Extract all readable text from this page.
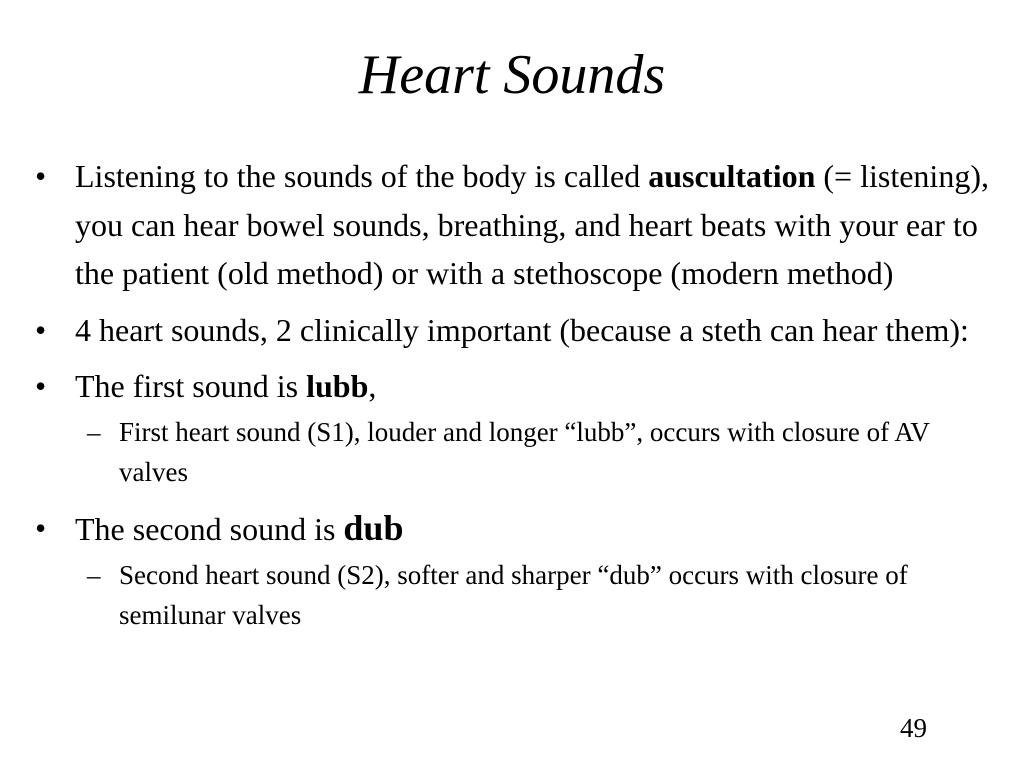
Heart Sounds
• Listening to the sounds of the body is called auscultation (= listening), you can hear bowel sounds, breathing, and heart beats with your ear to the patient (old method) or with a stethoscope (modern method)
• 4 heart sounds, 2 clinically important (because a steth can hear them):
• The first sound is lubb,
– First heart sound (S1), louder and longer “lubb”, occurs with closure of AV valves
• The second sound is dub
– Second heart sound (S2), softer and sharper “dub” occurs with closure of semilunar valves
49
